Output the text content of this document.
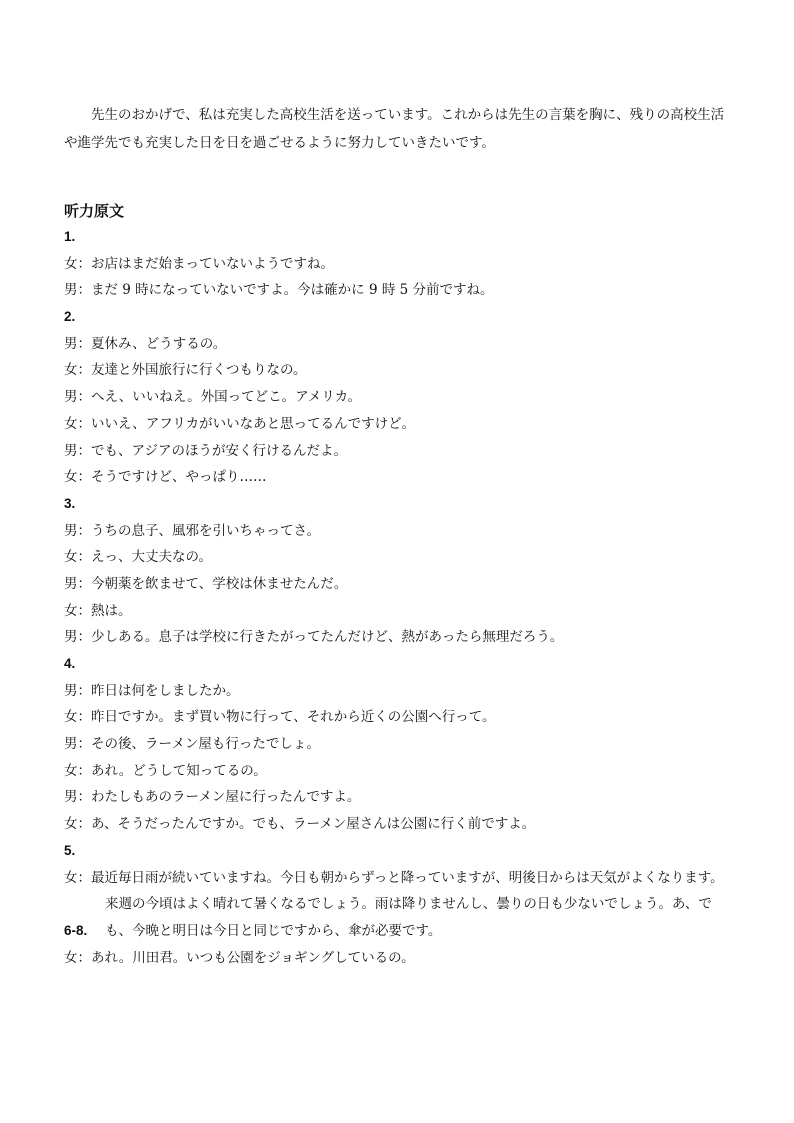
先生のおかげで、私は充実した高校生活を送っています。これからは先生の言葉を胸に、残りの高校生活や進学先でも充実した日を日を過ごせるように努力していきたいです。

听力原文
1.
女：お店はまだ始まっていないようですね。
男：まだ 9 時になっていないですよ。今は確かに 9 時 5 分前ですね。
2.
男：夏休み、どうするの。
女：友達と外国旅行に行くつもりなの。
男：へえ、いいねえ。外国ってどこ。アメリカ。
女：いいえ、アフリカがいいなあと思ってるんですけど。
男：でも、アジアのほうが安く行けるんだよ。
女：そうですけど、やっぱり……
3.
男：うちの息子、風邪を引いちゃってさ。
女：えっ、大丈夫なの。
男：今朝薬を飲ませて、学校は休ませたんだ。
女：熱は。
男：少しある。息子は学校に行きたがってたんだけど、熱があったら無理だろう。
4.
男：昨日は何をしましたか。
女：昨日ですか。まず買い物に行って、それから近くの公園へ行って。
男：その後、ラーメン屋も行ったでしょ。
女：あれ。どうして知ってるの。
男：わたしもあのラーメン屋に行ったんですよ。
女：あ、そうだったんですか。でも、ラーメン屋さんは公園に行く前ですよ。
5.
女：最近毎日雨が続いていますね。今日も朝からずっと降っていますが、明後日からは天気がよくなります。来週の今頃はよく晴れて暑くなるでしょう。雨は降りませんし、曇りの日も少ないでしょう。あ、でも、今晩と明日は今日と同じですから、傘が必要です。
6-8.
女：あれ。川田君。いつも公園をジョギングしているの。
